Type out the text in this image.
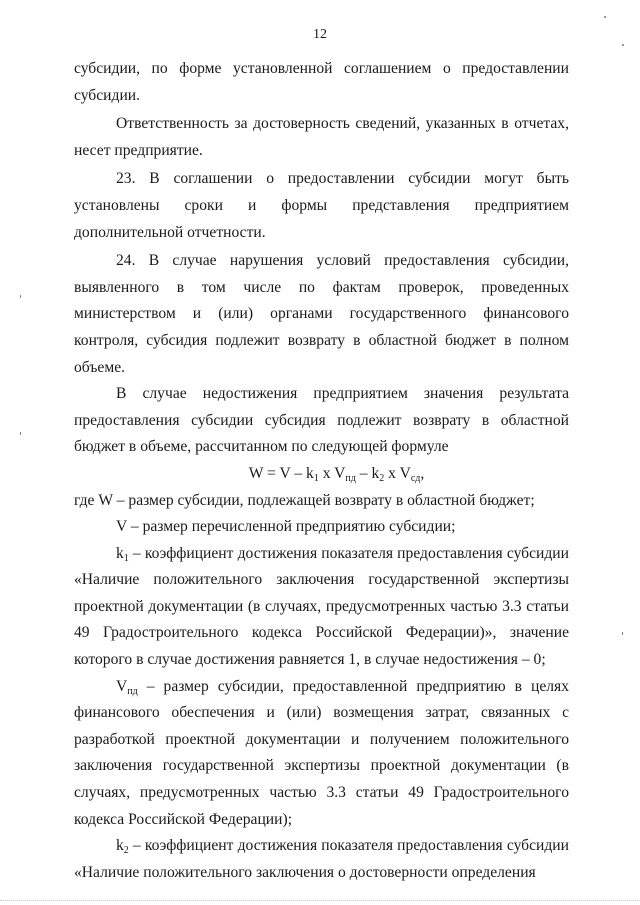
12

субсидии, по форме установленной соглашением о предоставлении субсидии.

Ответственность за достоверность сведений, указанных в отчетах, несет предприятие.

23. В соглашении о предоставлении субсидии могут быть установлены сроки и формы представления предприятием дополнительной отчетности.

24. В случае нарушения условий предоставления субсидии, выявленного в том числе по фактам проверок, проведенных министерством и (или) органами государственного финансового контроля, субсидия подлежит возврату в областной бюджет в полном объеме.

В случае недостижения предприятием значения результата предоставления субсидии субсидия подлежит возврату в областной бюджет в объеме, рассчитанном по следующей формуле

$W = V - k_1$ x $V_{пд} - k_2$ x $V_{сд}$,

где W – размер субсидии, подлежащей возврату в областной бюджет;

V – размер перечисленной предприятию субсидии;

$k_1$ – коэффициент достижения показателя предоставления субсидии «Наличие положительного заключения государственной экспертизы проектной документации (в случаях, предусмотренных частью 3.3 статьи 49 Градостроительного кодекса Российской Федерации)», значение которого в случае достижения равняется 1, в случае недостижения – 0;

$V_{пд}$ – размер субсидии, предоставленной предприятию в целях финансового обеспечения и (или) возмещения затрат, связанных с разработкой проектной документации и получением положительного заключения государственной экспертизы проектной документации (в случаях, предусмотренных частью 3.3 статьи 49 Градостроительного кодекса Российской Федерации);

$k_2$ – коэффициент достижения показателя предоставления субсидии «Наличие положительного заключения о достоверности определения
